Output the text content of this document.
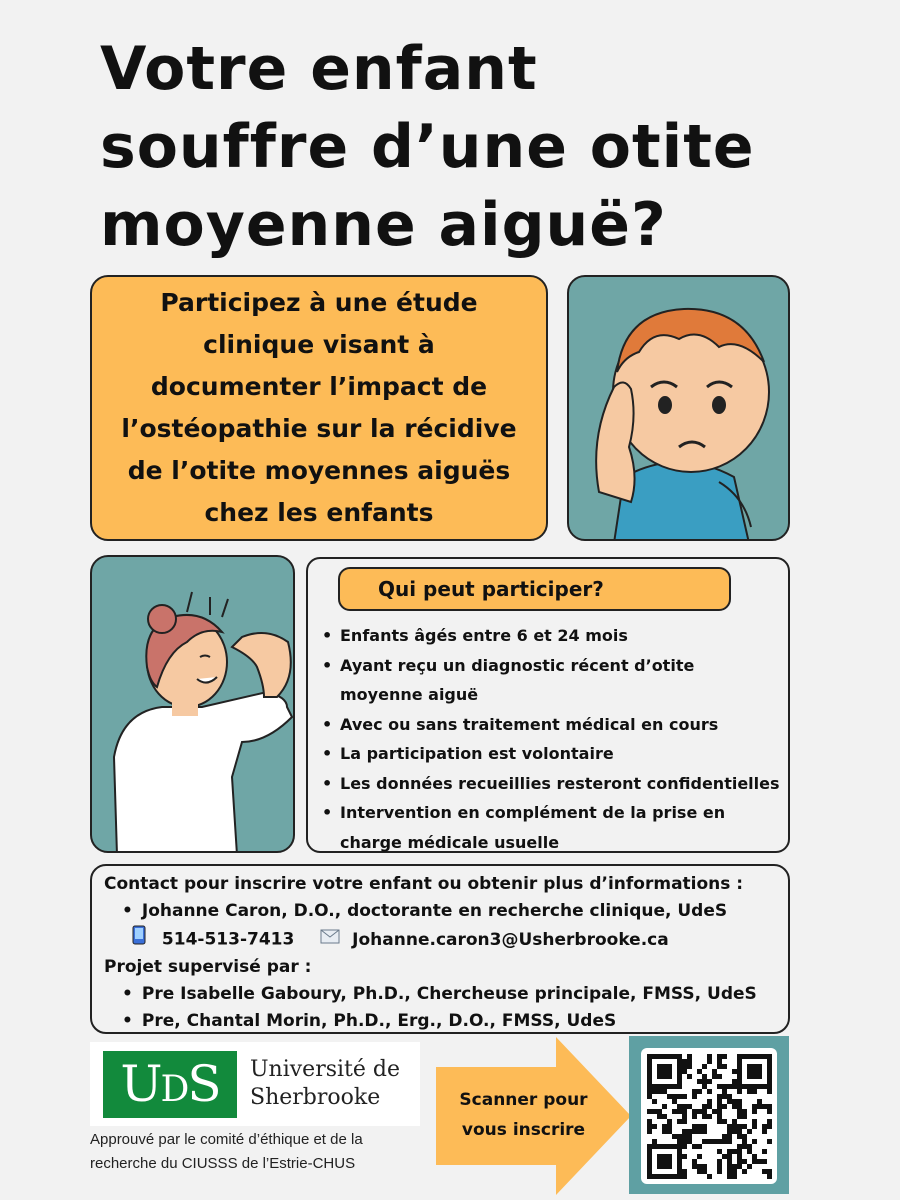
Votre enfant
souffre d’une otite
moyenne aiguë?
Participez à une étude
clinique visant à
documenter l’impact de
l’ostéopathie sur la récidive
de l’otite moyennes aiguës
chez les enfants
Qui peut participer?
• Enfants âgés entre 6 et 24 mois
• Ayant reçu un diagnostic récent d’otite
moyenne aiguë
• Avec ou sans traitement médical en cours
• La participation est volontaire
• Les données recueillies resteront confidentielles
• Intervention en complément de la prise en
charge médicale usuelle
Contact pour inscrire votre enfant ou obtenir plus d’informations :
• Johanne Caron, D.O., doctorante en recherche clinique, UdeS
514-513-7413	Johanne.caron3@Usherbrooke.ca
Projet supervisé par :
• Pre Isabelle Gaboury, Ph.D., Chercheuse principale, FMSS, UdeS
• Pre, Chantal Morin, Ph.D., Erg., D.O., FMSS, UdeS
UDS	Université de
Sherbrooke
Approuvé par le comité d’éthique et de la
recherche du CIUSSS de l’Estrie-CHUS
Scanner pour
vous inscrire
